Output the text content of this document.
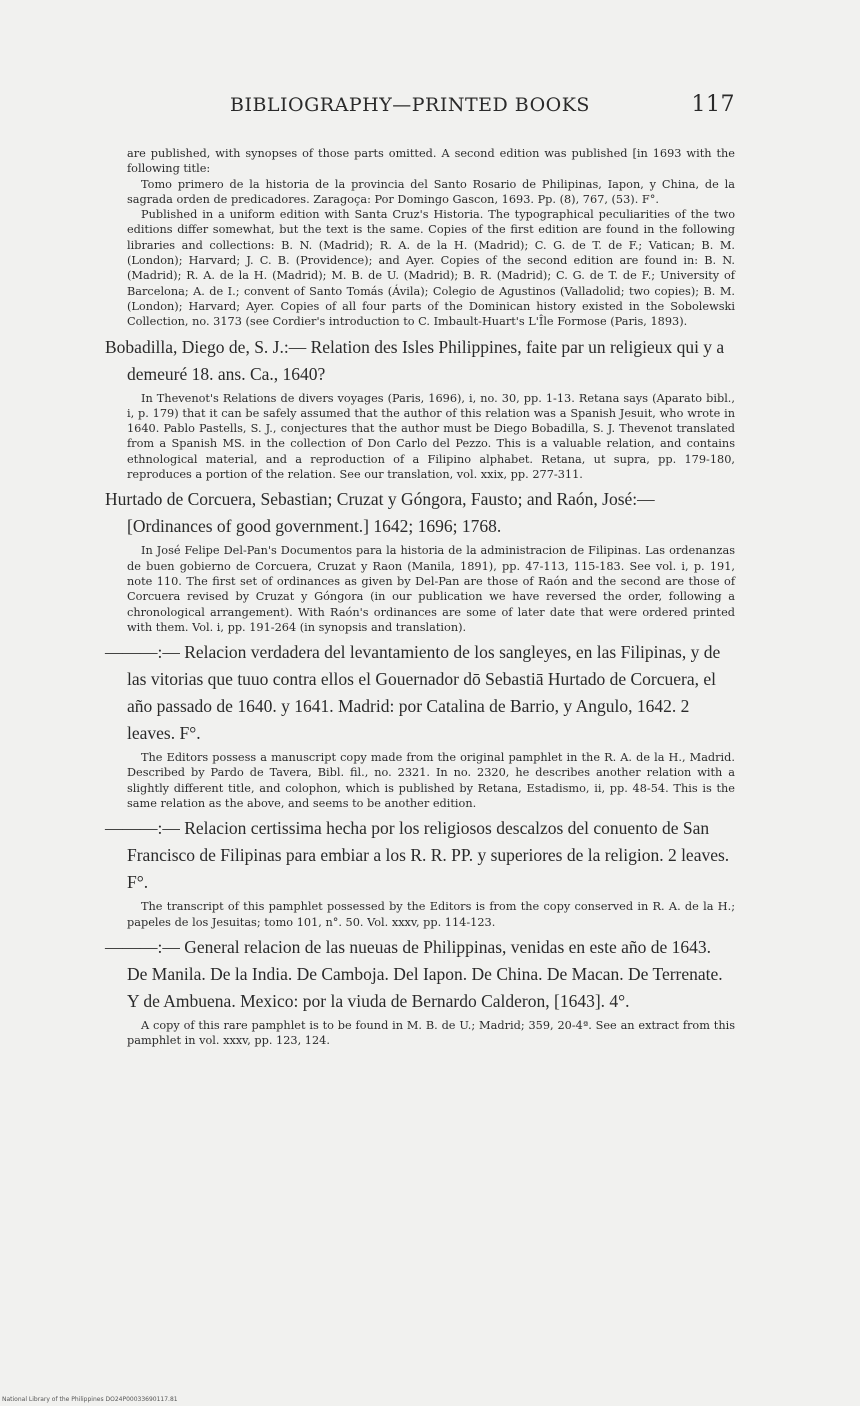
BIBLIOGRAPHY—PRINTED BOOKS	117

are published, with synopses of those parts omitted. A second edition was published [in 1693 with the following title:

Tomo primero de la historia de la provincia del Santo Rosario de Philipinas, Iapon, y China, de la sagrada orden de predicadores. Zaragoça: Por Domingo Gascon, 1693. Pp. (8), 767, (53). F°.

Published in a uniform edition with Santa Cruz's Historia. The typographical peculiarities of the two editions differ somewhat, but the text is the same. Copies of the first edition are found in the following libraries and collections: B. N. (Madrid); R. A. de la H. (Madrid); C. G. de T. de F.; Vatican; B. M. (London); Harvard; J. C. B. (Providence); and Ayer. Copies of the second edition are found in: B. N. (Madrid); R. A. de la H. (Madrid); M. B. de U. (Madrid); B. R. (Madrid); C. G. de T. de F.; University of Barcelona; A. de I.; convent of Santo Tomás (Ávila); Colegio de Agustinos (Valladolid; two copies); B. M. (London); Harvard; Ayer. Copies of all four parts of the Dominican history existed in the Sobolewski Collection, no. 3173 (see Cordier's introduction to C. Imbault-Huart's L'Île Formose (Paris, 1893).

Bobadilla, Diego de, S. J.:— Relation des Isles Philippines, faite par un religieux qui y a demeuré 18. ans. Ca., 1640?

In Thevenot's Relations de divers voyages (Paris, 1696), i, no. 30, pp. 1-13. Retana says (Aparato bibl., i, p. 179) that it can be safely assumed that the author of this relation was a Spanish Jesuit, who wrote in 1640. Pablo Pastells, S. J., conjectures that the author must be Diego Bobadilla, S. J. Thevenot translated from a Spanish MS. in the collection of Don Carlo del Pezzo. This is a valuable relation, and contains ethnological material, and a reproduction of a Filipino alphabet. Retana, ut supra, pp. 179-180, reproduces a portion of the relation. See our translation, vol. xxix, pp. 277-311.

Hurtado de Corcuera, Sebastian; Cruzat y Góngora, Fausto; and Raón, José:— [Ordinances of good government.] 1642; 1696; 1768.

In José Felipe Del-Pan's Documentos para la historia de la administracion de Filipinas. Las ordenanzas de buen gobierno de Corcuera, Cruzat y Raon (Manila, 1891), pp. 47-113, 115-183. See vol. i, p. 191, note 110. The first set of ordinances as given by Del-Pan are those of Raón and the second are those of Corcuera revised by Cruzat y Góngora (in our publication we have reversed the order, following a chronological arrangement). With Raón's ordinances are some of later date that were ordered printed with them. Vol. i, pp. 191-264 (in synopsis and translation).

———:— Relacion verdadera del levantamiento de los sangleyes, en las Filipinas, y de las vitorias que tuuo contra ellos el Gouernador dō Sebastiā Hurtado de Corcuera, el año passado de 1640. y 1641. Madrid: por Catalina de Barrio, y Angulo, 1642. 2 leaves. F°.

The Editors possess a manuscript copy made from the original pamphlet in the R. A. de la H., Madrid. Described by Pardo de Tavera, Bibl. fil., no. 2321. In no. 2320, he describes another relation with a slightly different title, and colophon, which is published by Retana, Estadismo, ii, pp. 48-54. This is the same relation as the above, and seems to be another edition.

———:— Relacion certissima hecha por los religiosos descalzos del conuento de San Francisco de Filipinas para embiar a los R. R. PP. y superiores de la religion. 2 leaves. F°.

The transcript of this pamphlet possessed by the Editors is from the copy conserved in R. A. de la H.; papeles de los Jesuitas; tomo 101, n°. 50. Vol. xxxv, pp. 114-123.

———:— General relacion de las nueuas de Philippinas, venidas en este año de 1643. De Manila. De la India. De Camboja. Del Iapon. De China. De Macan. De Terrenate. Y de Ambuena. Mexico: por la viuda de Bernardo Calderon, [1643]. 4°.

A copy of this rare pamphlet is to be found in M. B. de U.; Madrid; 359, 20-4ª. See an extract from this pamphlet in vol. xxxv, pp. 123, 124.

National Library of the Philippines DO24P000336901​17.81
